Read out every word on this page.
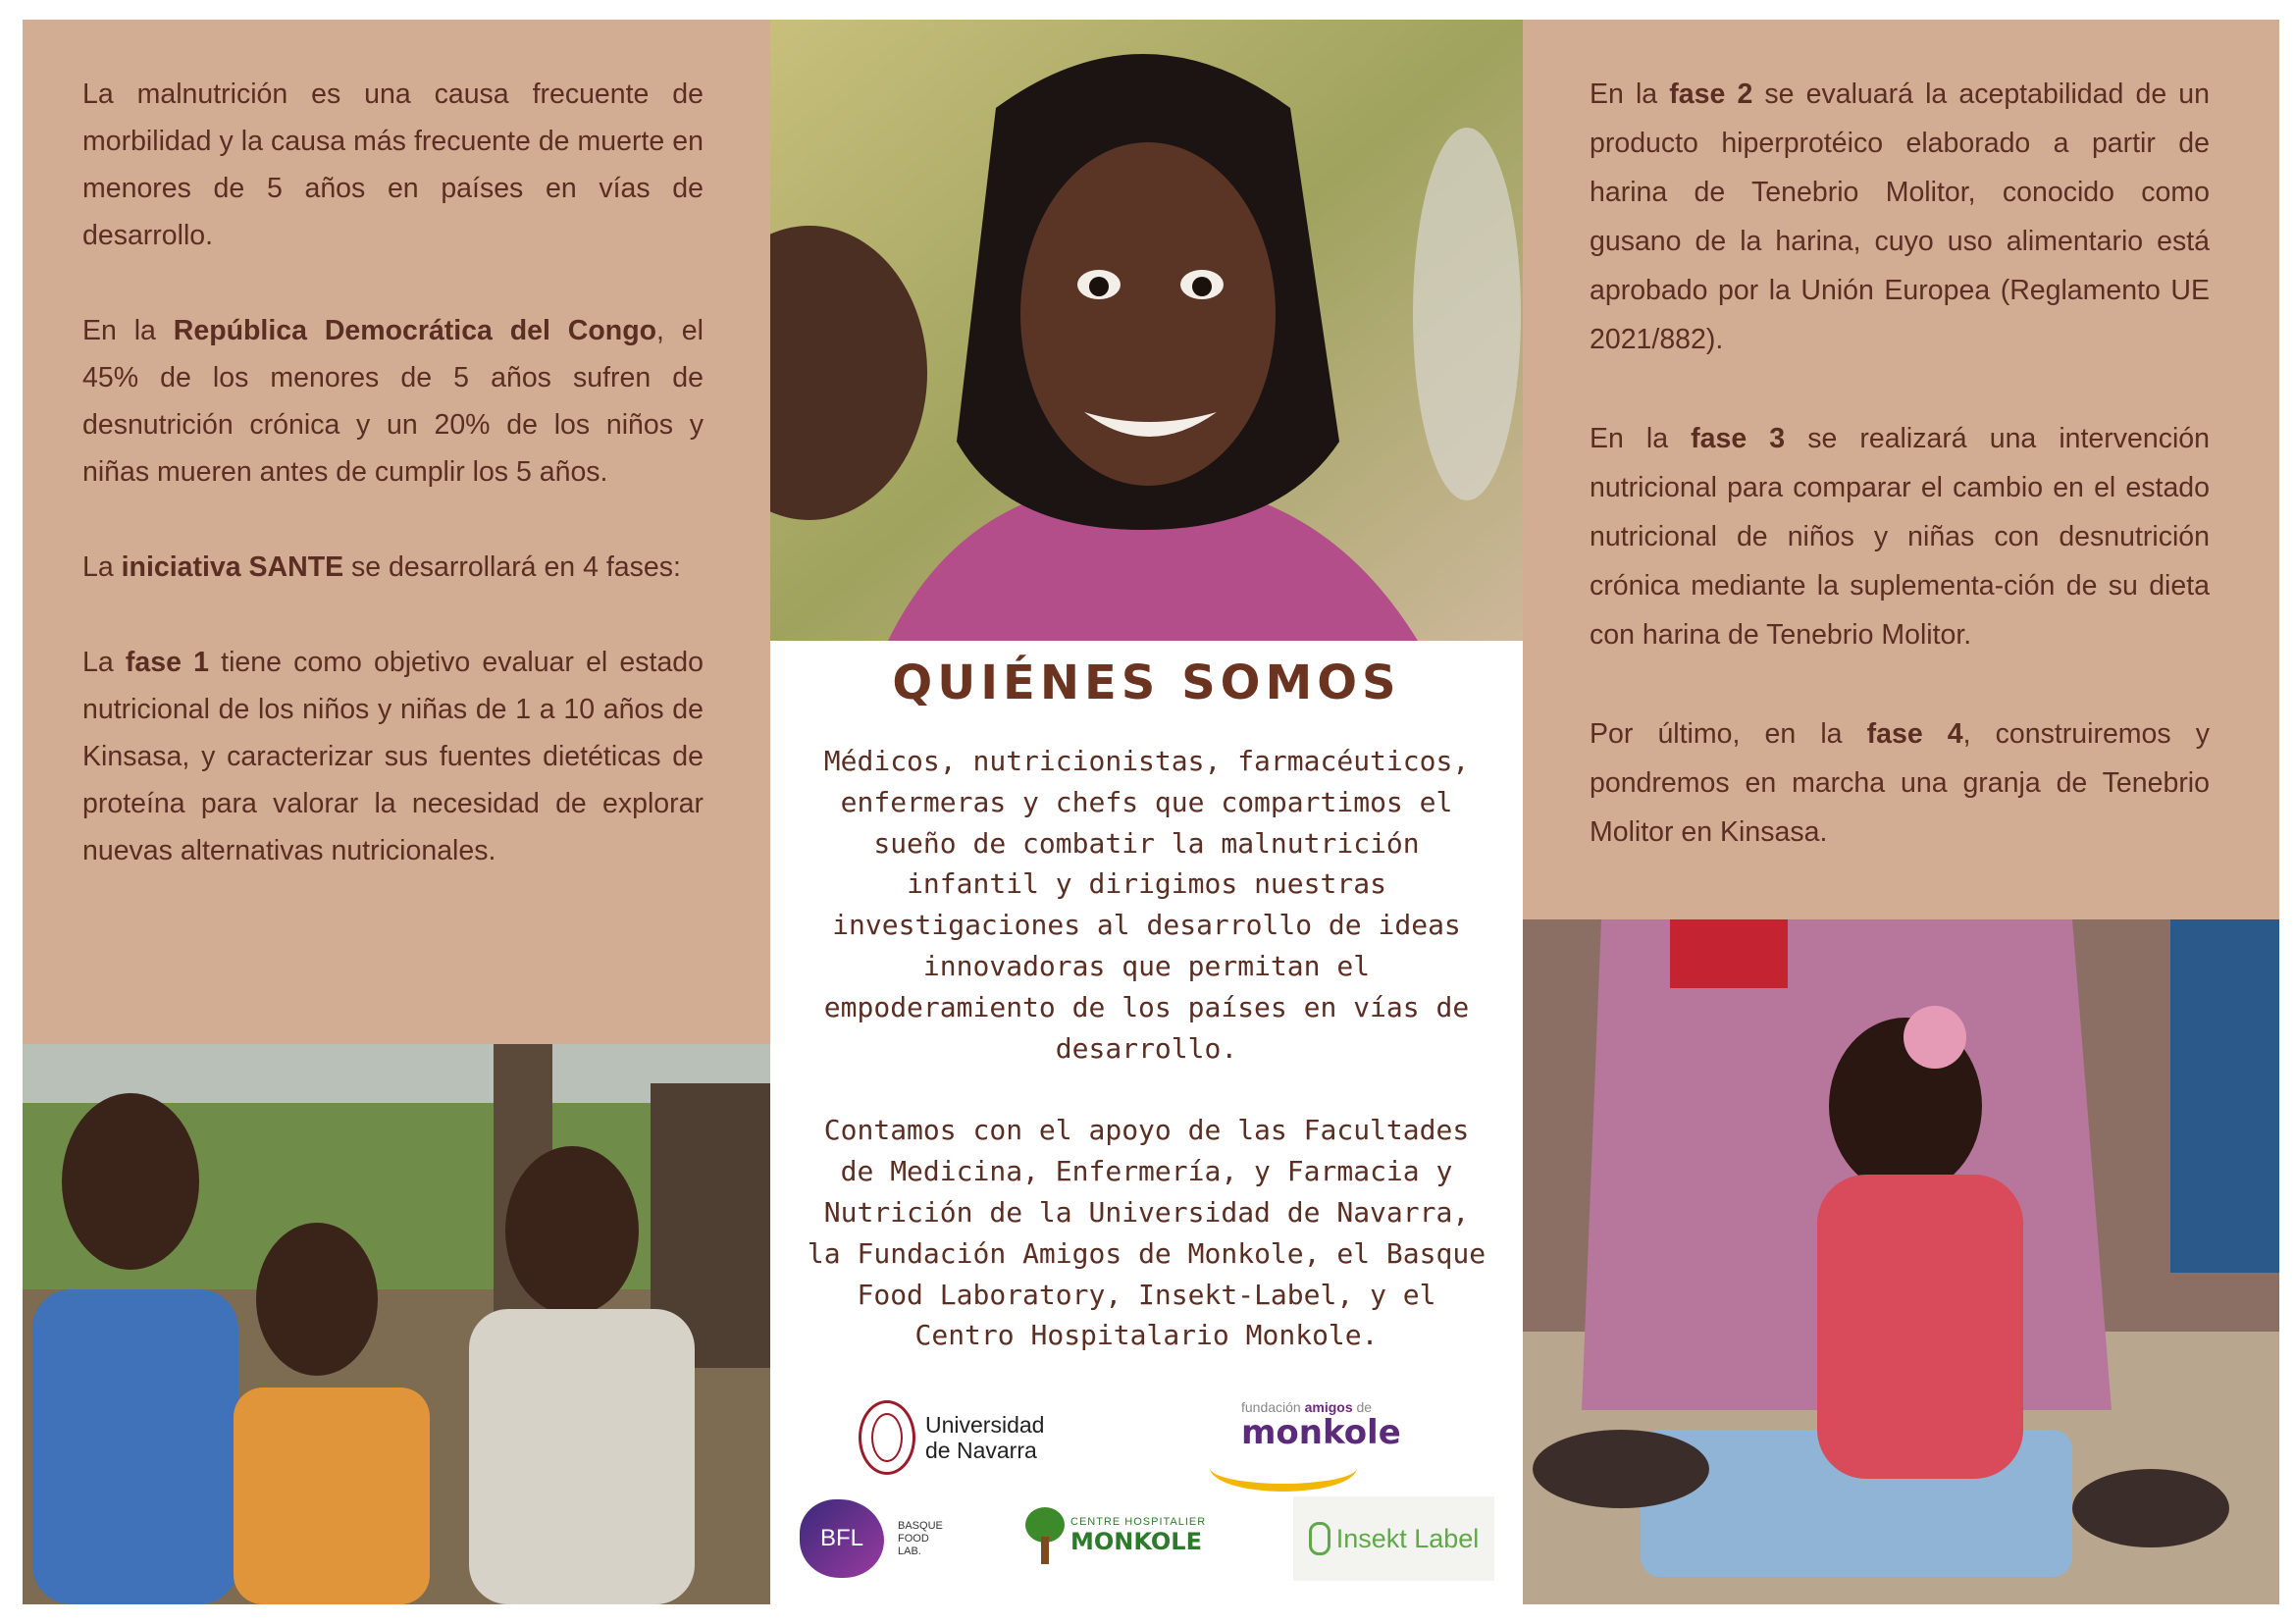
La malnutrición es una causa frecuente de morbilidad y la causa más frecuente de muerte en menores de 5 años en países en vías de desarrollo.

En la República Democrática del Congo, el 45% de los menores de 5 años sufren de desnutrición crónica y un 20% de los niños y niñas mueren antes de cumplir los 5 años.

La iniciativa SANTE se desarrollará en 4 fases:

La fase 1 tiene como objetivo evaluar el estado nutricional de los niños y niñas de 1 a 10 años de Kinsasa, y caracterizar sus fuentes dietéticas de proteína para valorar la necesidad de explorar nuevas alternativas nutricionales.

QUIÉNES SOMOS

Médicos, nutricionistas, farmacéuticos, enfermeras y chefs que compartimos el sueño de combatir la malnutrición infantil y dirigimos nuestras investigaciones al desarrollo de ideas innovadoras que permitan el empoderamiento de los países en vías de desarrollo.

Contamos con el apoyo de las Facultades de Medicina, Enfermería, y Farmacia y Nutrición de la Universidad de Navarra, la Fundación Amigos de Monkole, el Basque Food Laboratory, Insekt-Label, y el Centro Hospitalario Monkole.

Universidad
de Navarra
fundación amigos de
monkole
BFL	BASQUE
FOOD
LAB.
CENTRE HOSPITALIER
MONKOLE	Insekt Label

En la fase 2 se evaluará la aceptabilidad de un producto hiperprotéico elaborado a partir de harina de Tenebrio Molitor, conocido como gusano de la harina, cuyo uso alimentario está aprobado por la Unión Europea (Reglamento UE 2021/882).

En la fase 3 se realizará una intervención nutricional para comparar el cambio en el estado nutricional de niños y niñas con desnutrición crónica mediante la suplementa-ción de su dieta con harina de Tenebrio Molitor.

Por último, en la fase 4, construiremos y pondremos en marcha una granja de Tenebrio Molitor en Kinsasa.
